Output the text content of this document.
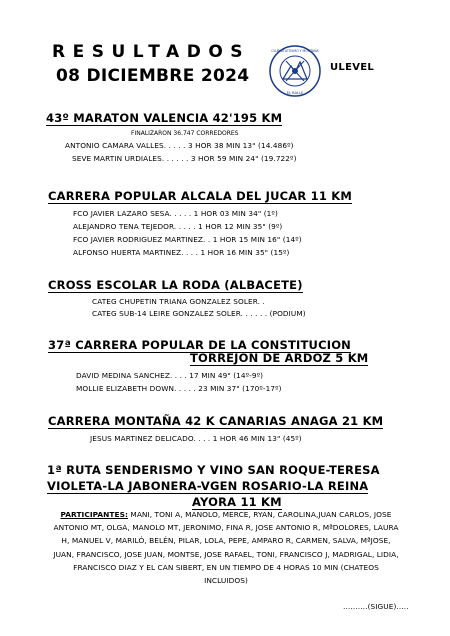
RESULTADOS
08 DICIEMBRE 2024
CLUB ATLETISMO Y MONTAÑA
EL BALLE
ULEVEL
43º MARATON VALENCIA 42'195 KM
FINALIZARON 36.747 CORREDORES
ANTONIO CAMARA VALLES. . . . . 3 HOR 38 MIN 13" (14.486º)
SEVE MARTIN URDIALES. . . . . . 3 HOR 59 MIN 24" (19.722º)
CARRERA POPULAR ALCALA DEL JUCAR 11 KM
FCO JAVIER LAZARO SESA. . . . . 1 HOR 03 MIN 34" (1º)
ALEJANDRO TENA TEJEDOR. . . . . 1 HOR 12 MIN 35" (9º)
FCO JAVIER RODRIGUEZ MARTINEZ. . 1 HOR 15 MIN 16" (14º)
ALFONSO HUERTA MARTINEZ. . . . 1 HOR 16 MIN 35" (15º)
CROSS ESCOLAR LA RODA (ALBACETE)
CATEG CHUPETIN TRIANA GONZALEZ SOLER. .
CATEG SUB-14 LEIRE GONZALEZ SOLER. . . . . . (PODIUM)
37ª CARRERA POPULAR DE LA CONSTITUCION
TORREJON DE ARDOZ 5 KM
DAVID MEDINA SANCHEZ. . . . 17 MIN 49" (14º-9º)
MOLLIE ELIZABETH DOWN. . . . . 23 MIN 37" (170º-17º)
CARRERA MONTAÑA 42 K CANARIAS ANAGA 21 KM
JESUS MARTINEZ DELICADO. . . . 1 HOR 46 MIN 13" (45º)
1ª RUTA SENDERISMO Y VINO SAN ROQUE-TERESA
VIOLETA-LA JABONERA-VGEN ROSARIO-LA REINA
AYORA 11 KM
PARTICIPANTES: MANI, TONI A, MANOLO, MERCE, RYAN, CAROLINA,JUAN CARLOS, JOSE ANTONIO MT, OLGA, MANOLO MT, JERONIMO, FINA R, JOSE ANTONIO R, MªDOLORES, LAURA H, MANUEL V, MARILÓ, BELÉN, PILAR, LOLA, PEPE, AMPARO R, CARMEN, SALVA, MªJOSE, JUAN, FRANCISCO, JOSE JUAN, MONTSE, JOSE RAFAEL, TONI, FRANCISCO J, MADRIGAL, LIDIA, FRANCISCO DIAZ Y EL CAN SIBERT, EN UN TIEMPO DE 4 HORAS 10 MIN (CHATEOS INCLUIDOS)
……….(SIGUE)…..
